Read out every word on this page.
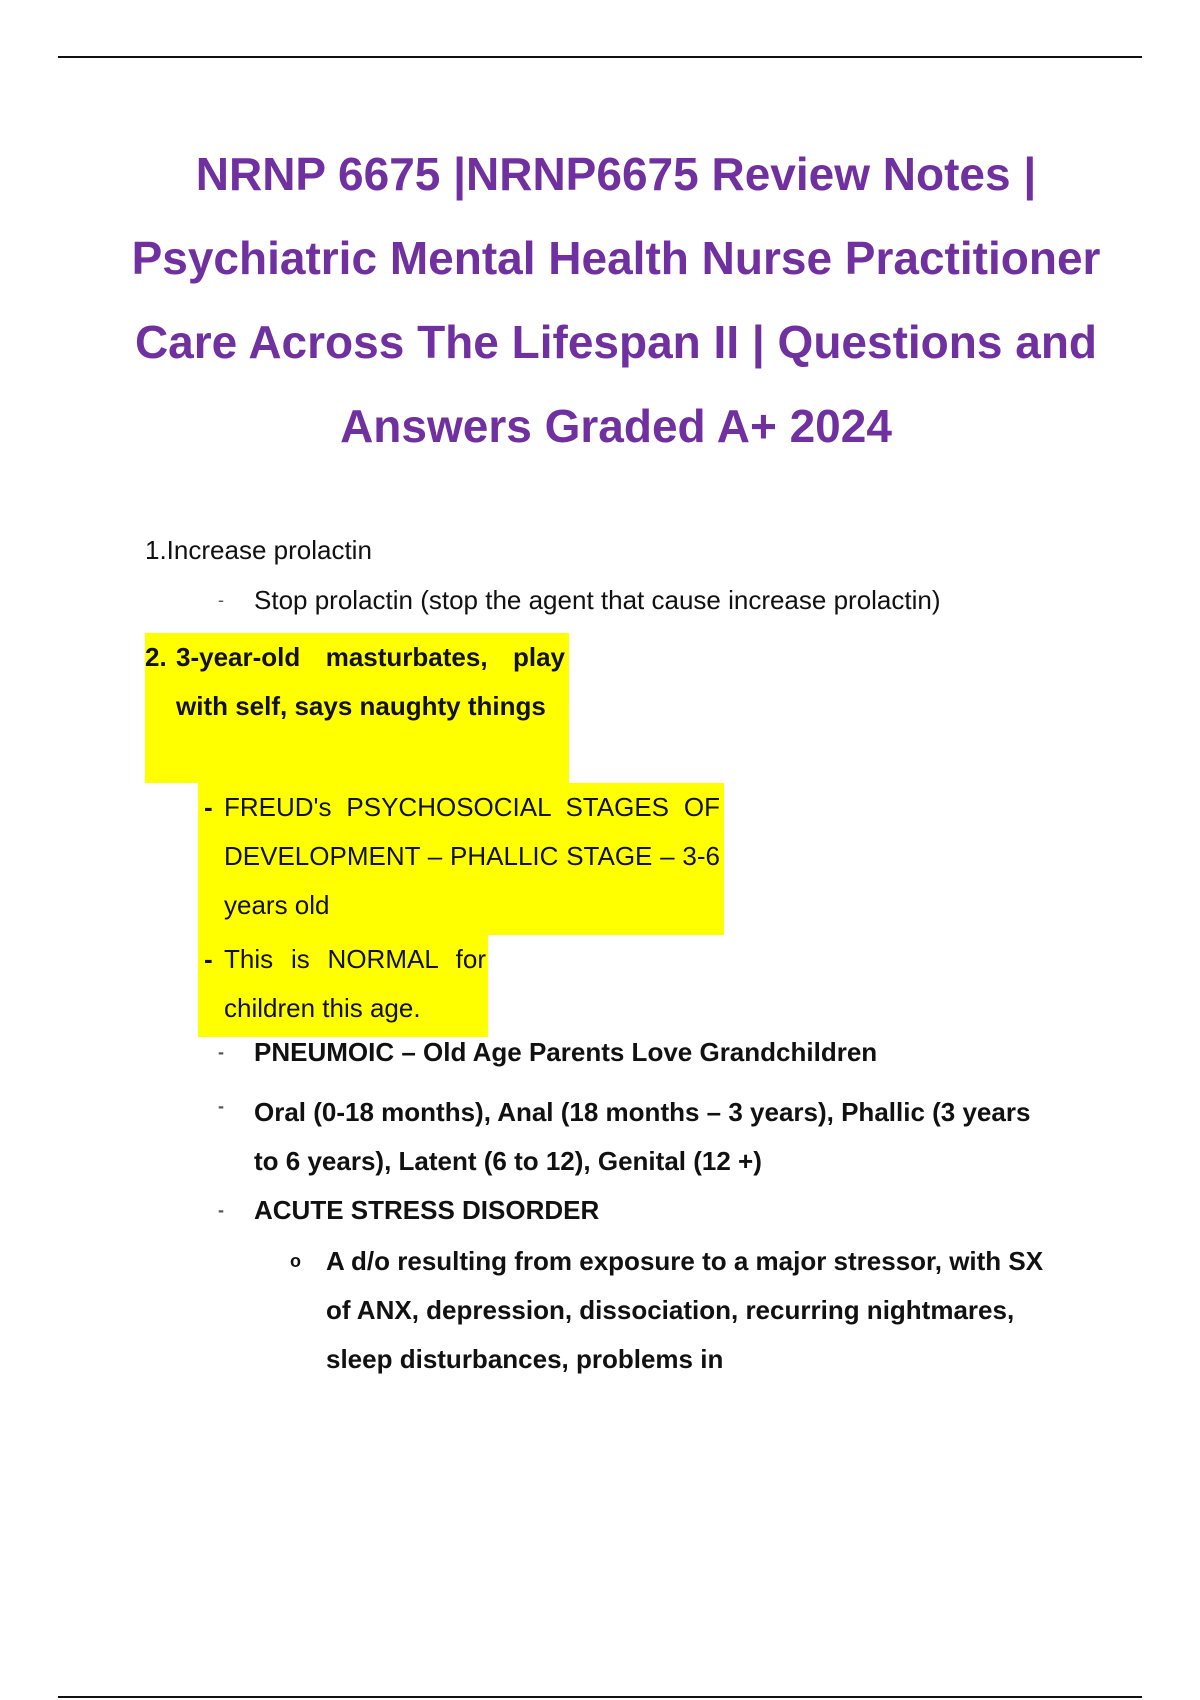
NRNP 6675 |NRNP6675 Review Notes | Psychiatric Mental Health Nurse Practitioner Care Across The Lifespan II | Questions and Answers Graded A+ 2024
1.Increase prolactin
-	Stop prolactin (stop the agent that cause increase prolactin)
2. 3-year-old masturbates, play with self, says naughty things
- FREUD's PSYCHOSOCIAL STAGES OF DEVELOPMENT – PHALLIC STAGE – 3-6 years old
- This is NORMAL for children this age.
-	PNEUMOIC – Old Age Parents Love Grandchildren
-	Oral (0-18 months), Anal (18 months – 3 years), Phallic (3 years to 6 years), Latent (6 to 12), Genital (12 +)
-	ACUTE STRESS DISORDER
o A d/o resulting from exposure to a major stressor, with SX of ANX, depression, dissociation, recurring nightmares, sleep disturbances, problems in
